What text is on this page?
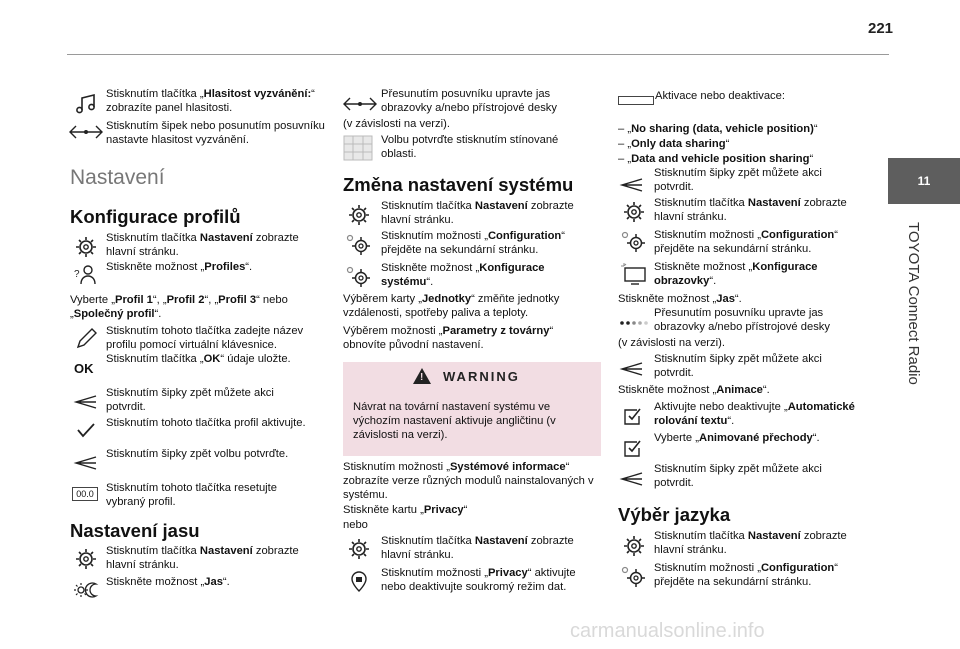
221
11
TOYOTA Connect Radio
Stisknutím tlačítka „Hlasitost vyzvánění:“ zobrazíte panel hlasitosti.
Stisknutím šipek nebo posunutím posuvníku nastavte hlasitost vyzvánění.
Nastavení
Konfigurace profilů
Stisknutím tlačítka Nastavení zobrazte hlavní stránku.
?
Stiskněte možnost „Profiles“.
Vyberte „Profil 1“, „Profil 2“, „Profil 3“ nebo „Společný profil“.
Stisknutím tohoto tlačítka zadejte název profilu pomocí virtuální klávesnice.
OK
Stisknutím tlačítka „OK“ údaje uložte.
Stisknutím šipky zpět můžete akci potvrdit.
Stisknutím tohoto tlačítka profil aktivujte.
Stisknutím šipky zpět volbu potvrďte.
00.0	Stisknutím tohoto tlačítka resetujte vybraný profil.
Nastavení jasu
Stisknutím tlačítka Nastavení zobrazte hlavní stránku.
Stiskněte možnost „Jas“.
Přesunutím posuvníku upravte jas obrazovky a/nebo přístrojové desky
(v závislosti na verzi).
Volbu potvrďte stisknutím stínované oblasti.
Změna nastavení systému
Stisknutím tlačítka Nastavení zobrazte hlavní stránku.
Stisknutím možnosti „Configuration“ přejděte na sekundární stránku.
Stiskněte možnost „Konfigurace systému“.
Výběrem karty „Jednotky“ změňte jednotky vzdálenosti, spotřeby paliva a teploty.
Výběrem možnosti „Parametry z továrny“ obnovíte původní nastavení.
! WARNING
Návrat na tovární nastavení systému ve výchozím nastavení aktivuje angličtinu (v závislosti na verzi).
Stisknutím možnosti „Systémové informace“ zobrazíte verze různých modulů nainstalovaných v systému.
Stiskněte kartu „Privacy“
nebo
Stisknutím tlačítka Nastavení zobrazte hlavní stránku.
Stisknutím možnosti „Privacy“ aktivujte nebo deaktivujte soukromý režim dat.
Aktivace nebo deaktivace:
– „No sharing (data, vehicle position)“
– „Only data sharing“
– „Data and vehicle position sharing“
Stisknutím šipky zpět můžete akci potvrdit.
Stisknutím tlačítka Nastavení zobrazte hlavní stránku.
Stisknutím možnosti „Configuration“ přejděte na sekundární stránku.
Stiskněte možnost „Konfigurace obrazovky“.
Stiskněte možnost „Jas“.
Přesunutím posuvníku upravte jas obrazovky a/nebo přístrojové desky
(v závislosti na verzi).
Stisknutím šipky zpět můžete akci potvrdit.
Stiskněte možnost „Animace“.
Aktivujte nebo deaktivujte „Automatické rolování textu“.
Vyberte „Animované přechody“.
Stisknutím šipky zpět můžete akci potvrdit.
Výběr jazyka
Stisknutím tlačítka Nastavení zobrazte hlavní stránku.
Stisknutím možnosti „Configuration“ přejděte na sekundární stránku.
carmanualsonline.info
